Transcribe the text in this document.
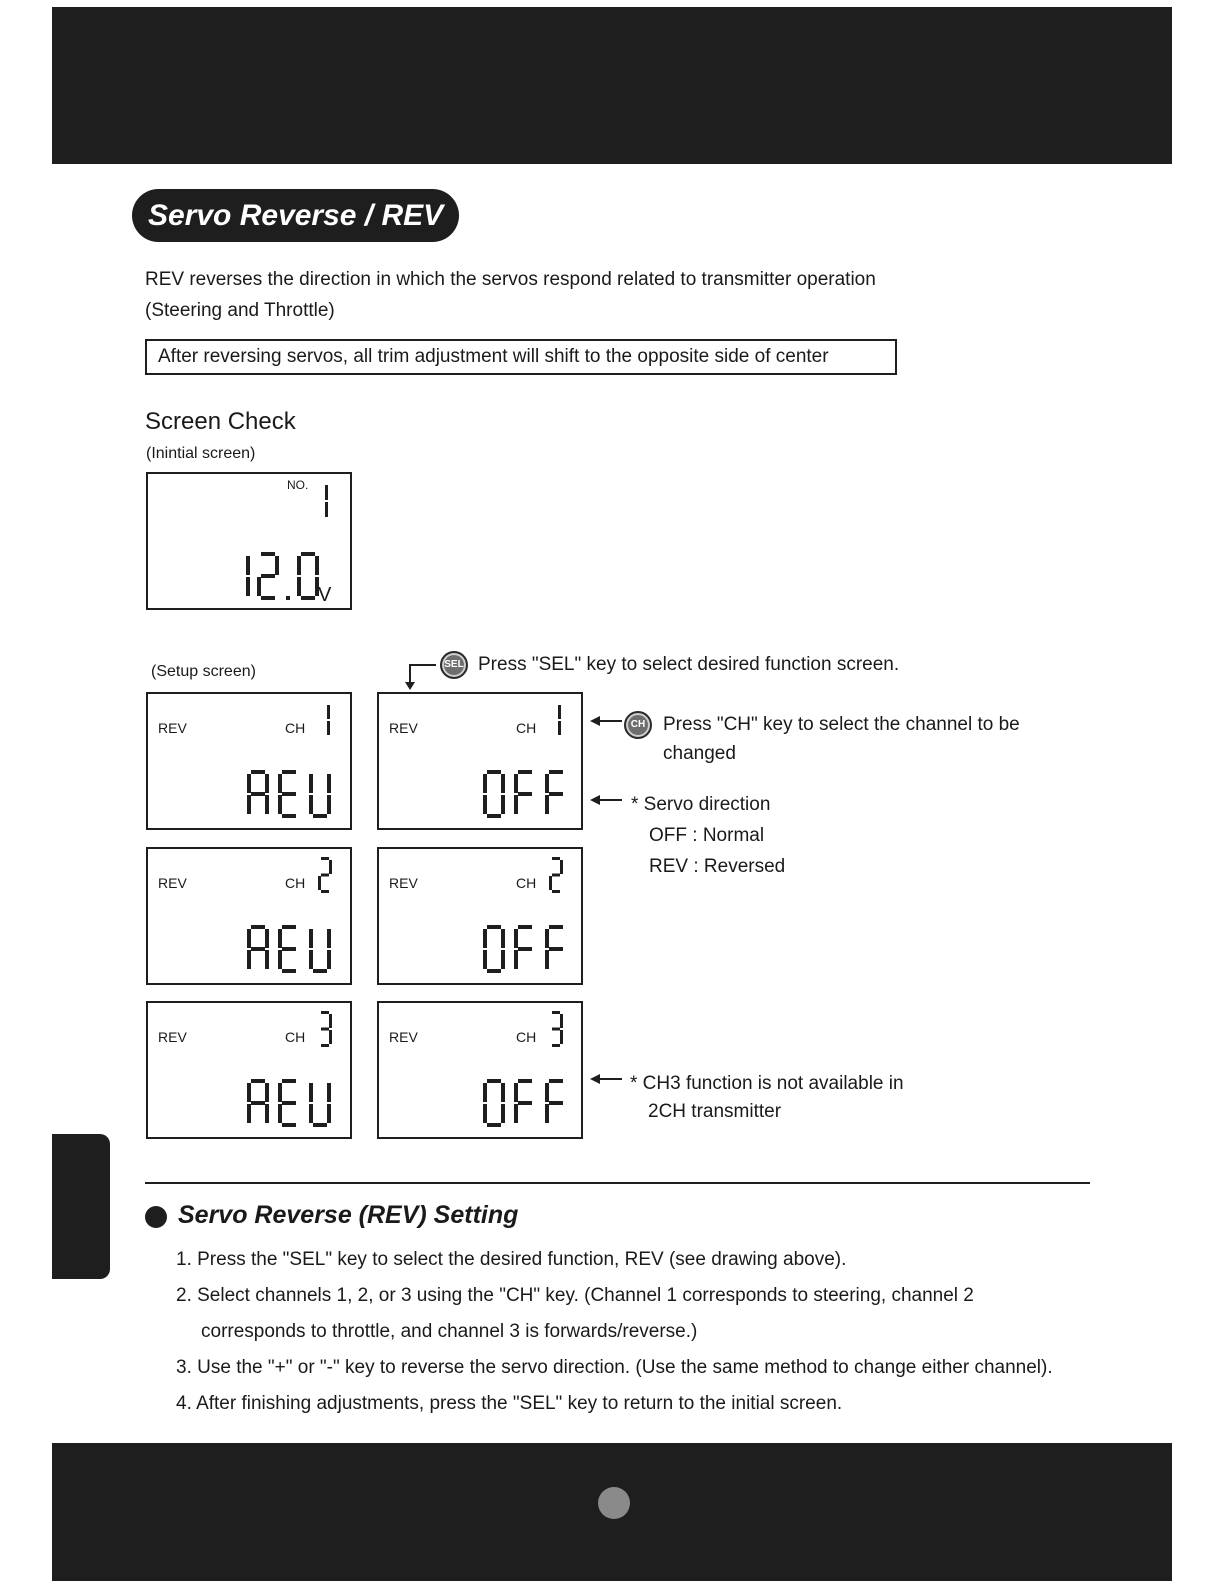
Servo Reverse / REV
REV reverses the direction in which the servos respond related to transmitter operation
(Steering and Throttle)
After reversing servos, all trim adjustment will shift to the opposite side of center
Screen Check
(Inintial screen)
NO.
V
(Setup screen)
REV	CH	REV	CH
REV	CH	REV	CH
REV	CH	REV	CH
SEL Press "SEL" key to select desired function screen.
CH Press "CH" key to select the channel to be
changed
* Servo direction
OFF : Normal
REV : Reversed
* CH3 function is not available in
2CH transmitter
Servo Reverse (REV) Setting
1. Press the "SEL" key to select the desired function, REV (see drawing above).
2. Select channels 1, 2, or 3 using the "CH" key. (Channel 1 corresponds to steering, channel 2
corresponds to throttle, and channel 3 is forwards/reverse.)
3. Use the "+" or "-" key to reverse the servo direction. (Use the same method to change either channel).
4. After finishing adjustments, press the "SEL" key to return to the initial screen.
